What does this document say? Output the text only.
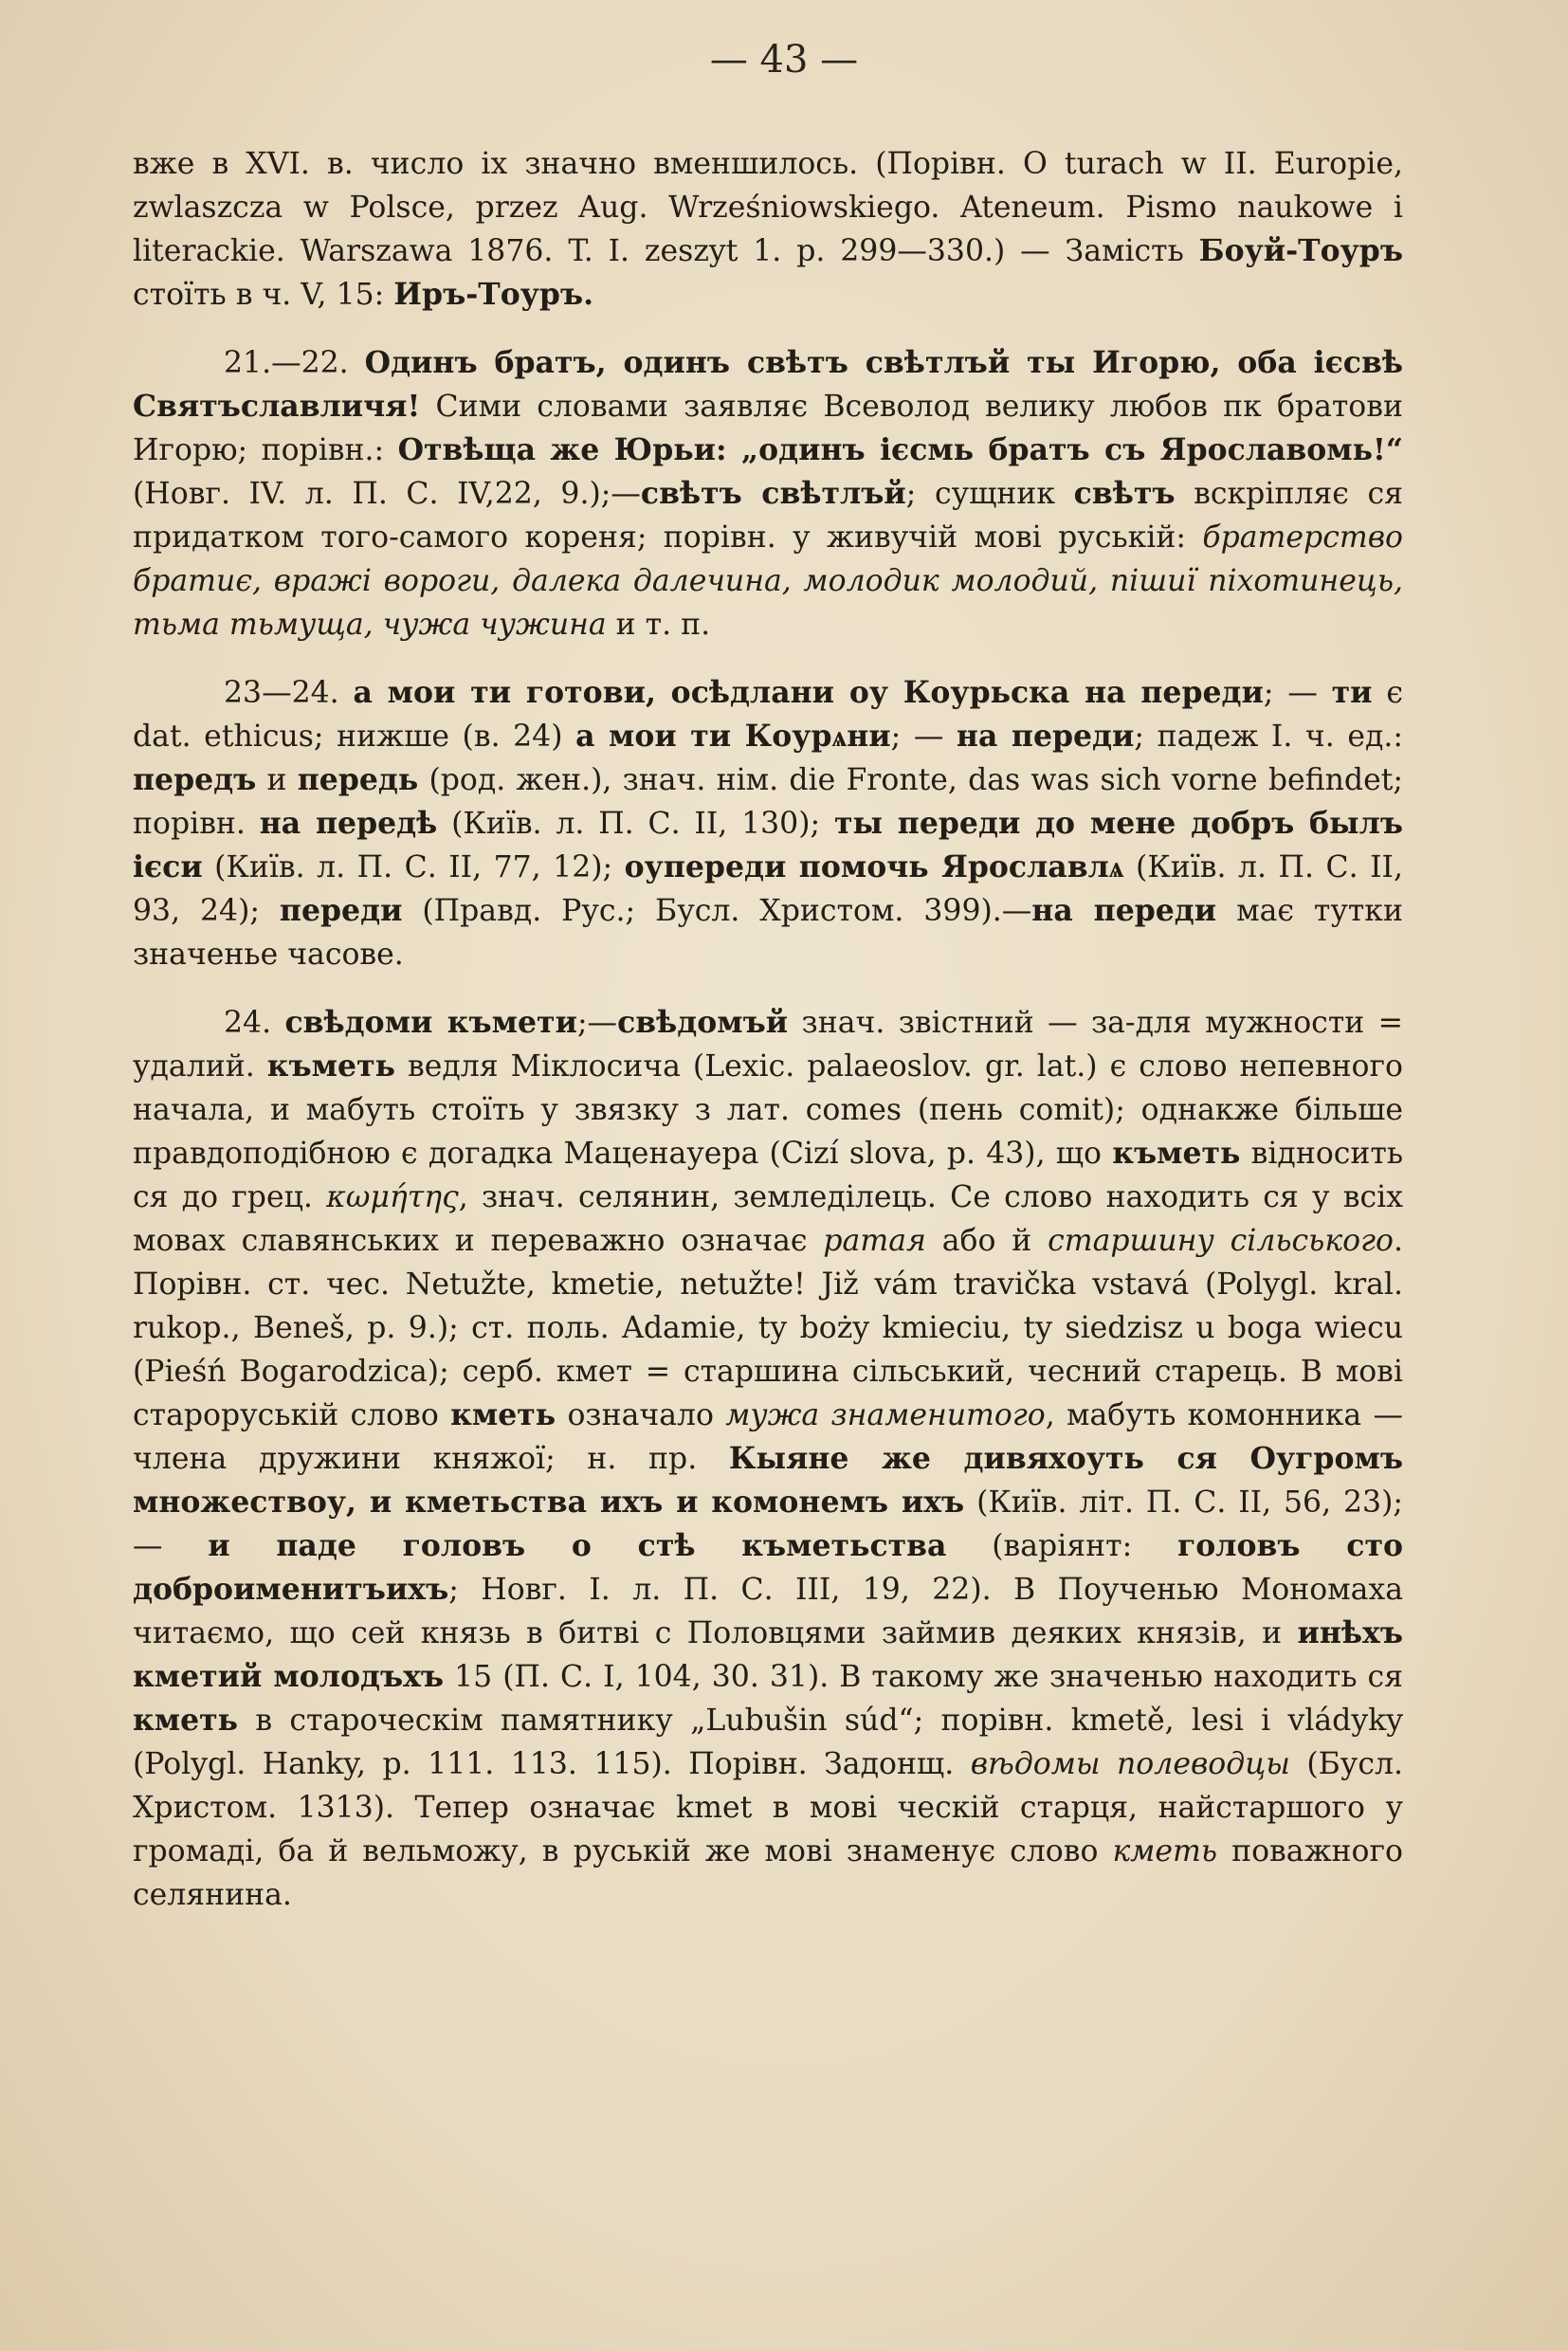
— 43 —

вже в XVI. в. число іх значно вменшилось. (Порівн. O turach w II. Europie, zwlaszcza w Polsce, przez Aug. Wrześniowskiego. Ateneum. Pismo naukowe i literackie. Warszawa 1876. T. I. zeszyt 1. p. 299—330.) — Замість Боуй-Тоуръ стоїть в ч. V, 15: Иръ-Тоуръ.

21.—22. Одинъ братъ, одинъ свѣтъ свѣтлъй ты Игорю, оба ієсвѣ Святъславличя! Сими словами заявляє Всеволод велику любов пк братови Игорю; порівн.: Отвѣща же Юрьи: „одинъ ієсмь братъ съ Ярославомь!“ (Новг. IV. л. П. С. IV,22, 9.);—свѣтъ свѣтлъй; сущник свѣтъ вскріпляє ся придатком того-самого кореня; порівн. у живучій мові руській: братерство братиє, вражі вороги, далека далечина, молодик молодий, пішиї піхотинець, тьма тьмуща, чужа чужина и т. п.

23—24. а мои ти готови, осѣдлани оу Коурьска на переди; — ти є dat. ethicus; нижше (в. 24) а мои ти Коурѧни; — на переди; падеж I. ч. ед.: передъ и передь (род. жен.), знач. нім. die Fronte, das was sich vorne befindet; порівн. на передѣ (Київ. л. П. С. II, 130); ты переди до мене добръ былъ ієси (Київ. л. П. С. II, 77, 12); оупереди помочь Ярославлѧ (Київ. л. П. С. II, 93, 24); переди (Правд. Рус.; Бусл. Христом. 399).—на переди має тутки значенье часове.

24. свѣдоми къмети;—свѣдомъй знач. звістний — за-для мужности = удалий. къметь ведля Міклосича (Lexic. palaeoslov. gr. lat.) є слово непевного начала, и мабуть стоїть у звязку з лат. comes (пень comit); однакже більше правдоподібною є догадка Маценауера (Cizí slova, p. 43), що къметь відносить ся до грец. κωμήτης, знач. селянин, земледілець. Се слово находить ся у всіх мовах славянських и переважно означає ратая або й старшину сільського. Порівн. ст. чес. Netužte, kmetie, netužte! Již vám travička vstavá (Polygl. kral. rukop., Beneš, p. 9.); ст. поль. Adamie, ty boży kmieciu, ty siedzisz u boga wiecu (Pieśń Bogarodzica); серб. кмет = старшина сільський, чесний старець. В мові староруській слово кметь означало мужа знаменитого, мабуть комонника — члена дружини княжої; н. пр. Кыяне же дивяхоуть ся Оугромъ множествоу, и кметьства ихъ и комонемъ ихъ (Київ. літ. П. С. II, 56, 23); — и паде головъ о стѣ къметьства (варіянт: головъ сто доброименитъихъ; Новг. I. л. П. С. III, 19, 22). В Поученью Мономаха читаємо, що сей князь в битві с Половцями займив деяких князів, и инѣхъ кметий молодъхъ 15 (П. С. I, 104, 30. 31). В такому же значенью находить ся кметь в староческім памятнику „Lubušin súd“; порівн. kmetě, lesi i vládyky (Polygl. Hanky, p. 111. 113. 115). Порівн. Задонщ. вѣдомы полеводцы (Бусл. Христом. 1313). Тепер означає kmet в мові ческій старця, найстаршого у громаді, ба й вельможу, в руській же мові знаменує слово кметь поважного селянина.
